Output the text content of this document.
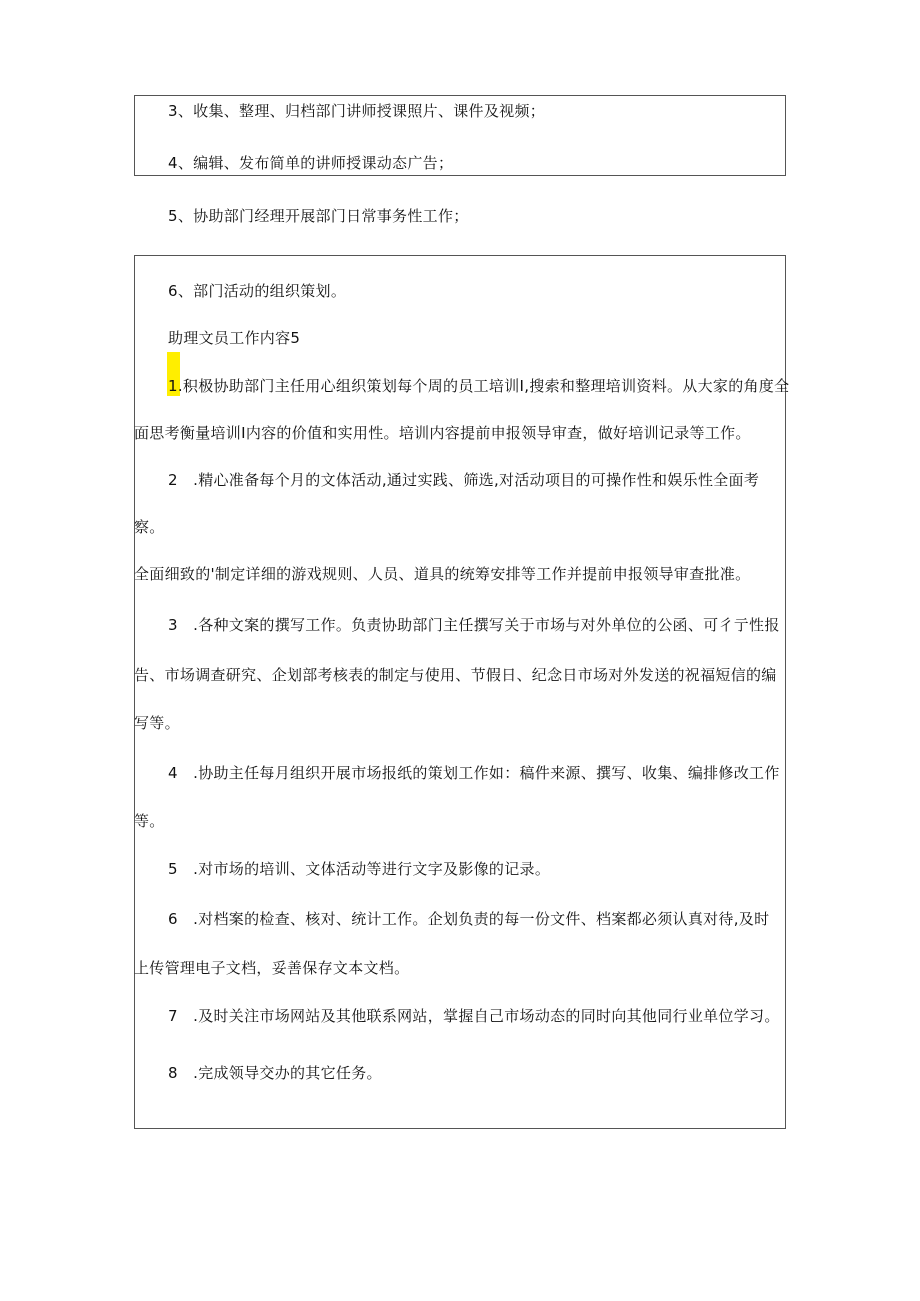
3、收集、整理、归档部门讲师授课照片、课件及视频；
4、编辑、发布简单的讲师授课动态广告；
5、协助部门经理开展部门日常事务性工作；
6、部门活动的组织策划。
助理文员工作内容5
1.积极协助部门主任用心组织策划每个周的员工培训I,搜索和整理培训资料。从大家的角度全
面思考衡量培训I内容的价值和实用性。培训内容提前申报领导审查，做好培训记录等工作。
2　.精心准备每个月的文体活动,通过实践、筛选,对活动项目的可操作性和娱乐性全面考
察。
全面细致的'制定详细的游戏规则、人员、道具的统筹安排等工作并提前申报领导审查批准。
3　.各种文案的撰写工作。负责协助部门主任撰写关于市场与对外单位的公函、可彳亍性报
告、市场调查研究、企划部考核表的制定与使用、节假日、纪念日市场对外发送的祝福短信的编
写等。
4　.协助主任每月组织开展市场报纸的策划工作如：稿件来源、撰写、收集、编排修改工作
等。
5　.对市场的培训、文体活动等进行文字及影像的记录。
6　.对档案的检查、核对、统计工作。企划负责的每一份文件、档案都必须认真对待,及时
上传管理电子文档，妥善保存文本文档。
7　.及时关注市场网站及其他联系网站，掌握自己市场动态的同时向其他同行业单位学习。
8　.完成领导交办的其它任务。
